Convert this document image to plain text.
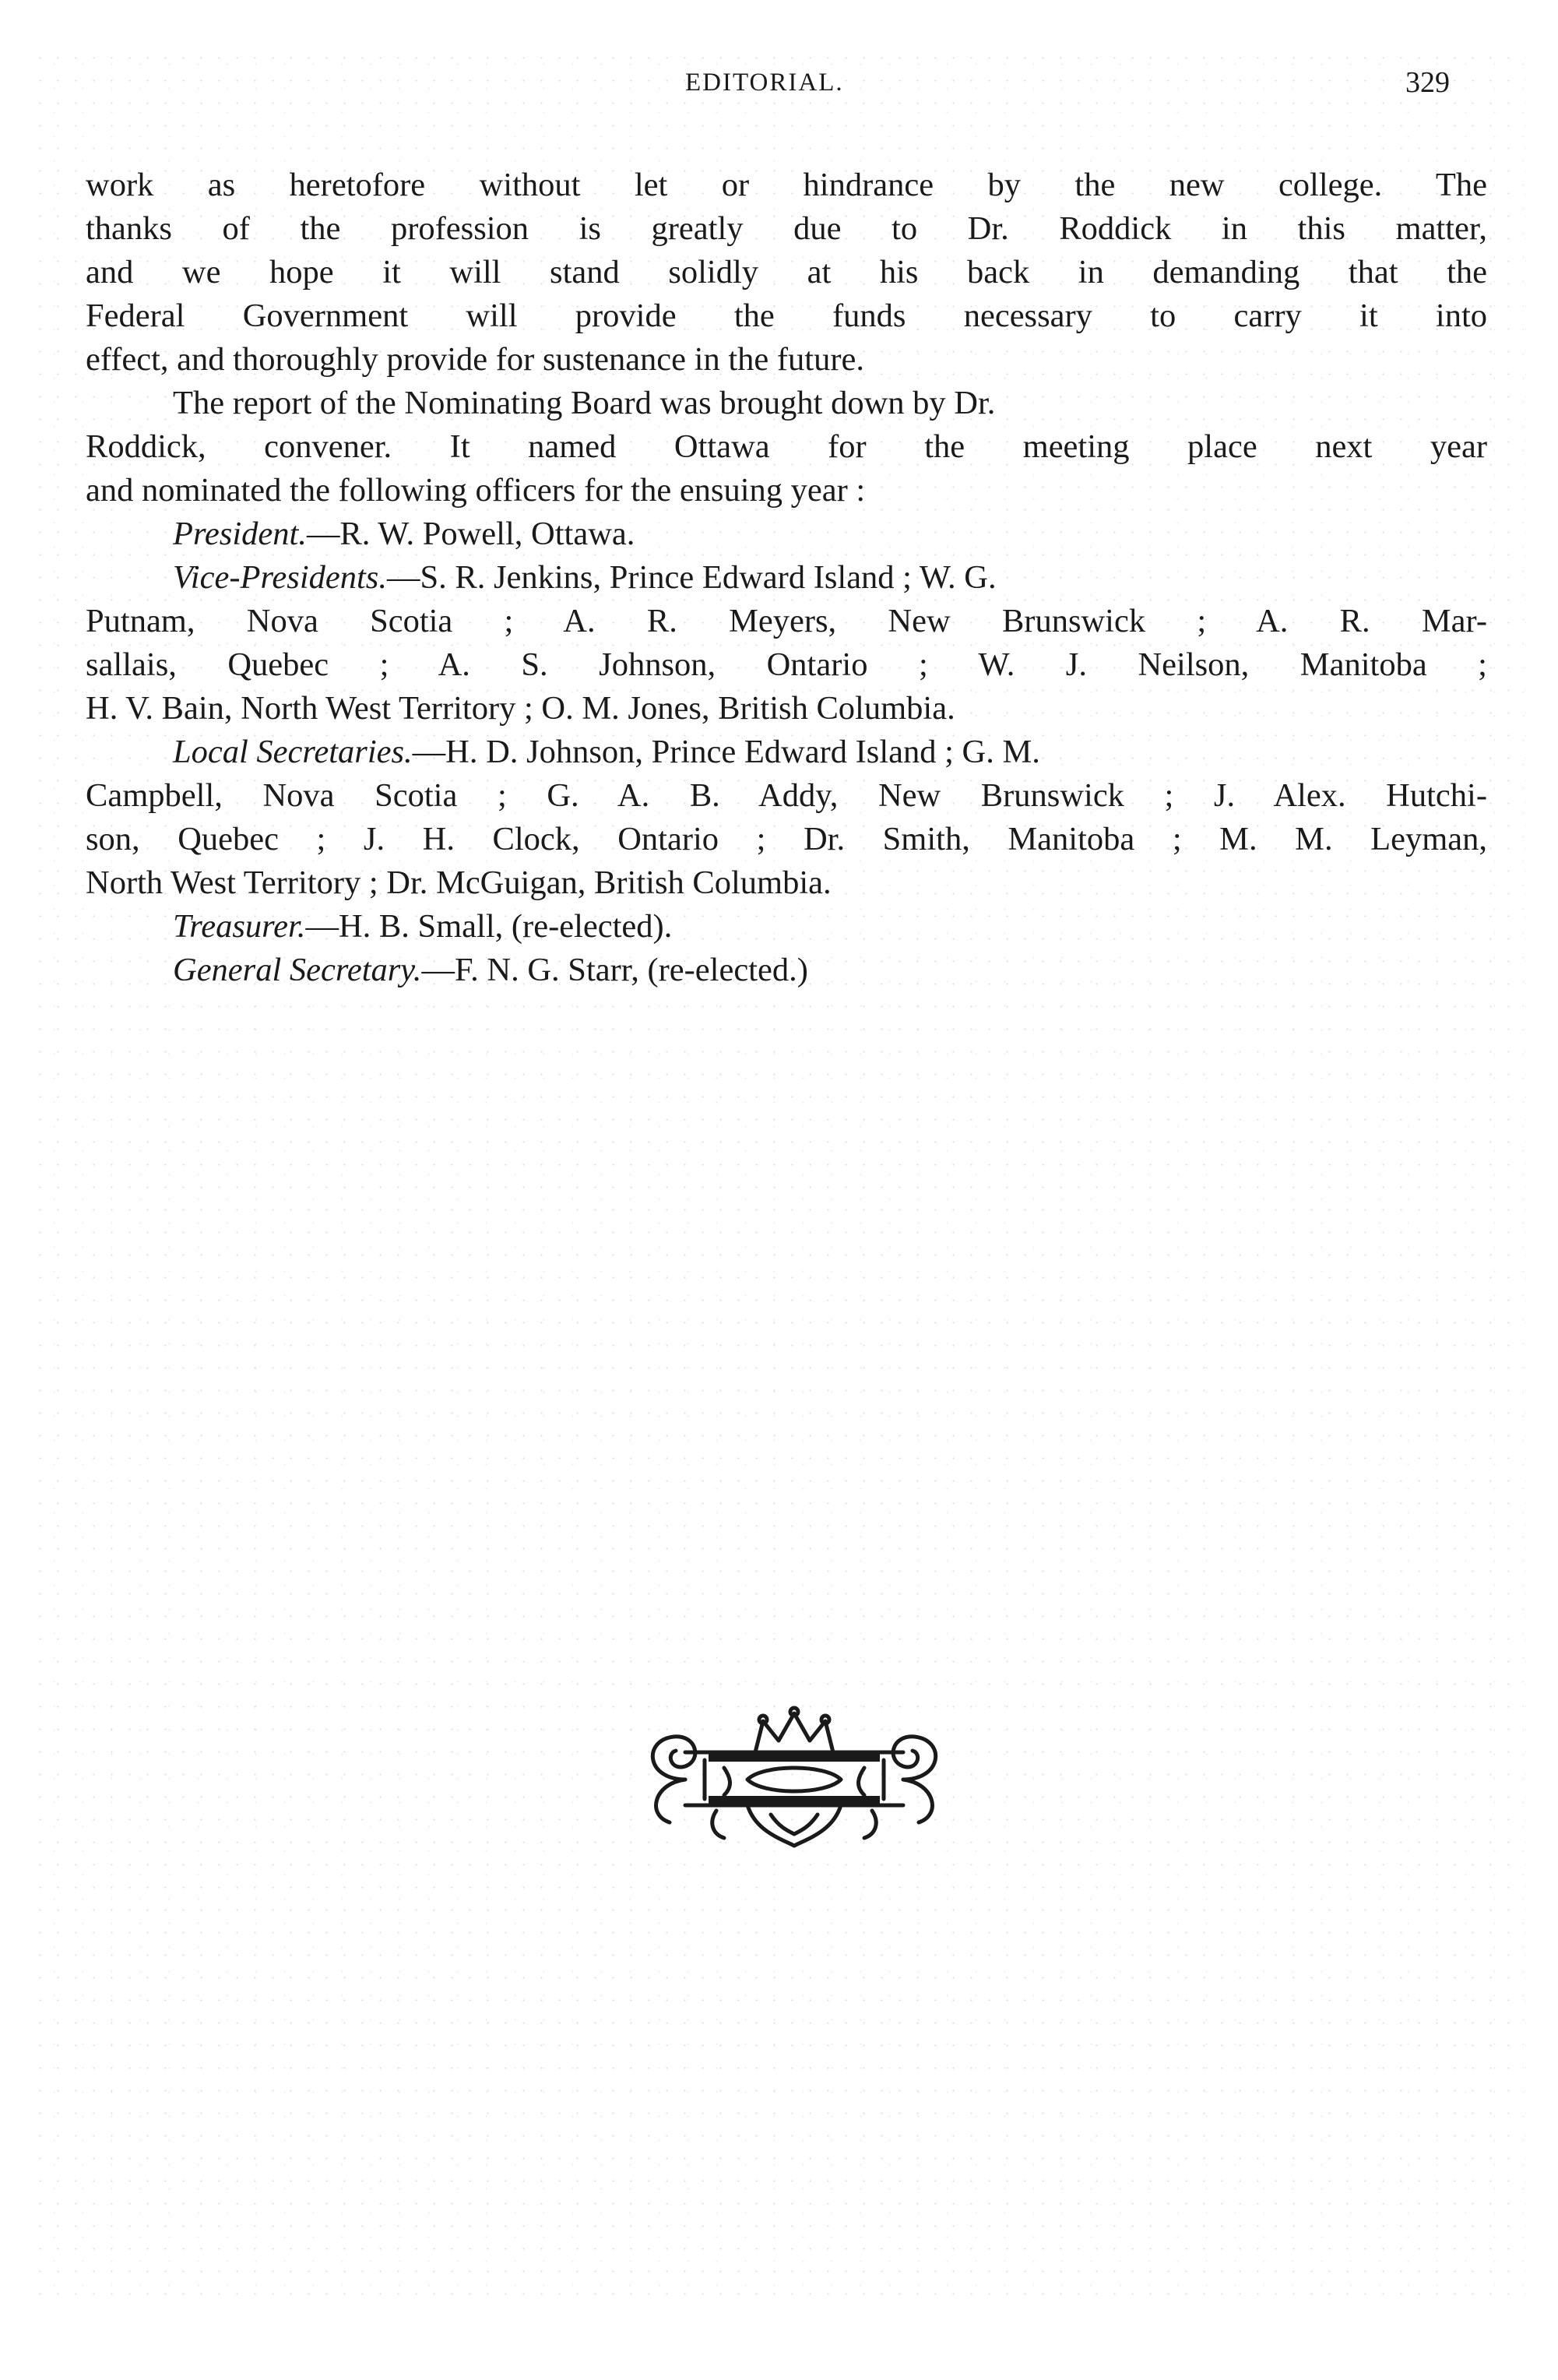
EDITORIAL.	329
work as heretofore without let or hindrance by the new college. The
thanks of the profession is greatly due to Dr. Roddick in this matter,
and we hope it will stand solidly at his back in demanding that the
Federal Government will provide the funds necessary to carry it into
effect, and thoroughly provide for sustenance in the future.
The report of the Nominating Board was brought down by Dr.
Roddick, convener. It named Ottawa for the meeting place next year
and nominated the following officers for the ensuing year :
President.—R. W. Powell, Ottawa.
Vice-Presidents.—S. R. Jenkins, Prince Edward Island ; W. G.
Putnam, Nova Scotia ; A. R. Meyers, New Brunswick ; A. R. Mar-
sallais, Quebec ; A. S. Johnson, Ontario ; W. J. Neilson, Manitoba ;
H. V. Bain, North West Territory ; O. M. Jones, British Columbia.
Local Secretaries.—H. D. Johnson, Prince Edward Island ; G. M.
Campbell, Nova Scotia ; G. A. B. Addy, New Brunswick ; J. Alex. Hutchi-
son, Quebec ; J. H. Clock, Ontario ; Dr. Smith, Manitoba ; M. M. Leyman,
North West Territory ; Dr. McGuigan, British Columbia.
Treasurer.—H. B. Small, (re-elected).
General Secretary.—F. N. G. Starr, (re-elected.)
